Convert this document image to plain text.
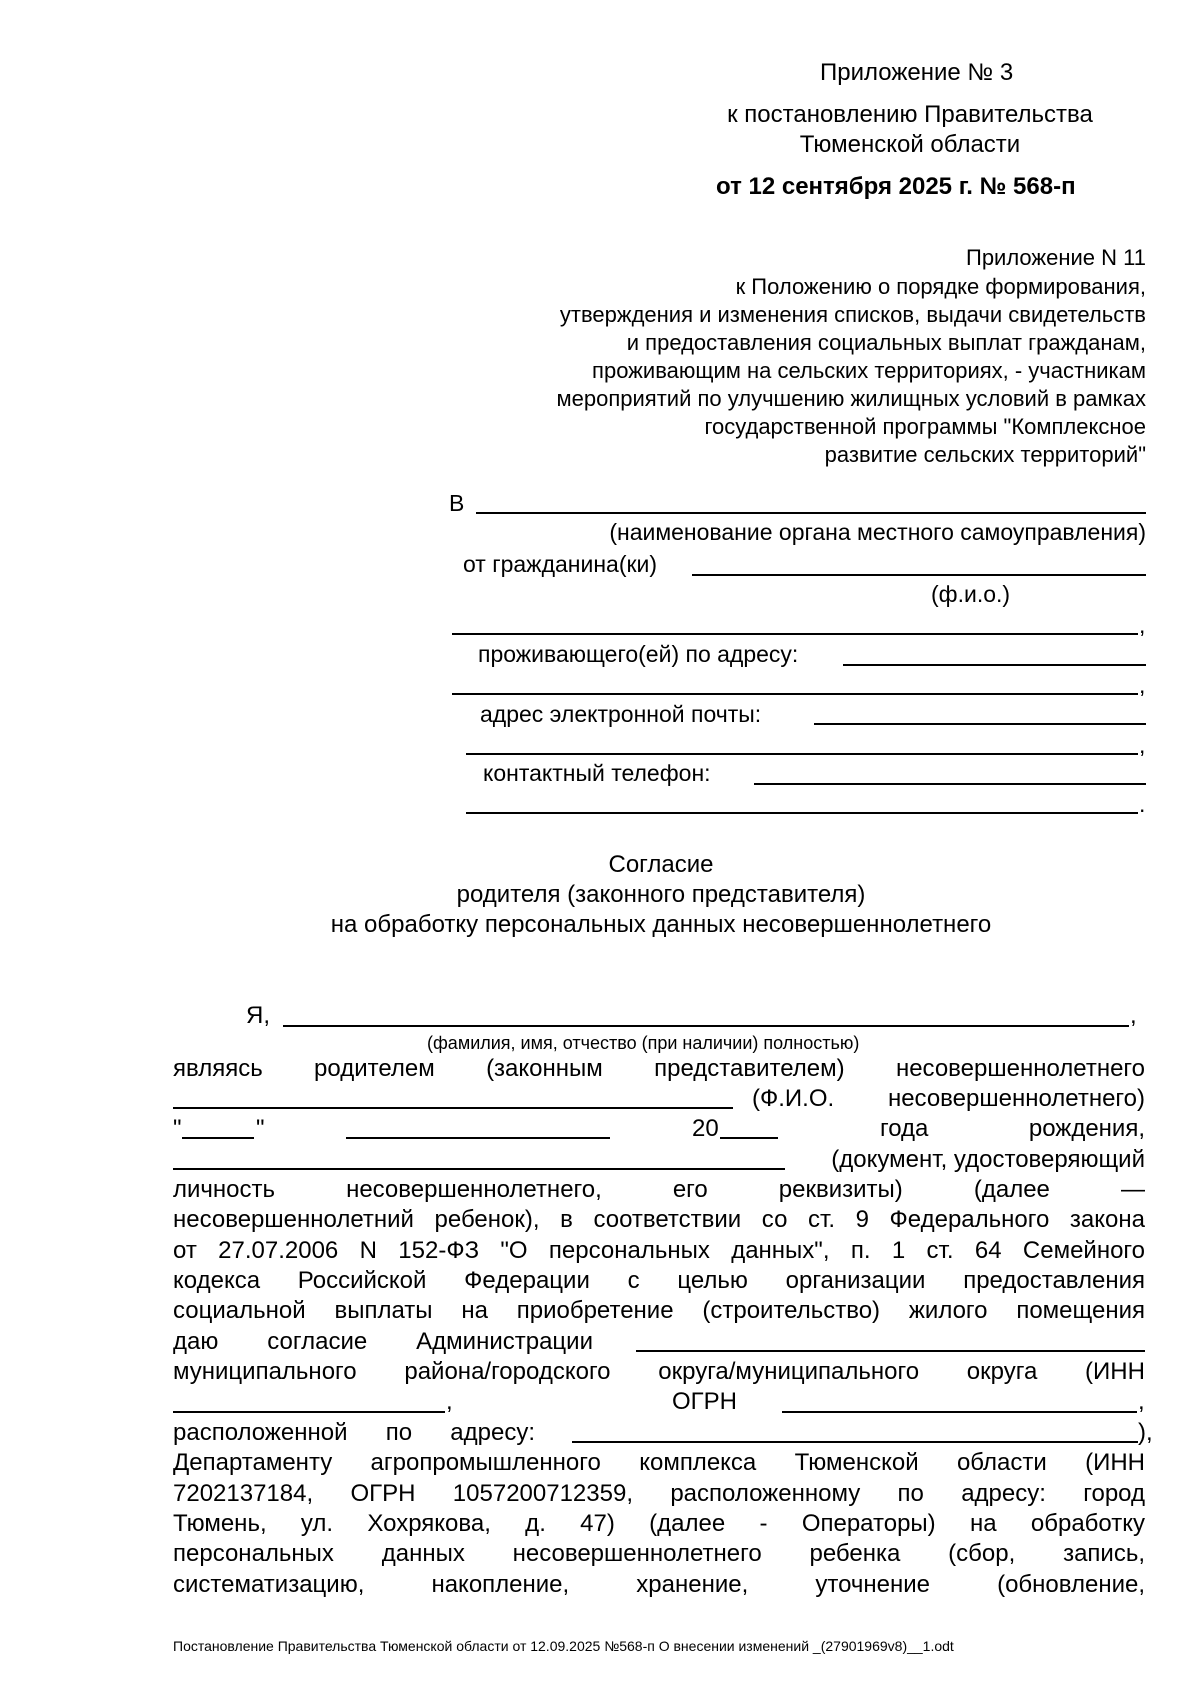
Приложение № 3
к постановлению Правительства
Тюменской области
от 12 сентября 2025 г. № 568-п
Приложение N 11
к Положению о порядке формирования,
утверждения и изменения списков, выдачи свидетельств
и предоставления социальных выплат гражданам,
проживающим на сельских территориях, - участникам
мероприятий по улучшению жилищных условий в рамках
государственной программы "Комплексное
развитие сельских территорий"
В
(наименование органа местного самоуправления)
от гражданина(ки)
(ф.и.о.)
,
проживающего(ей) по адресу:
,
адрес электронной почты:
,
контактный телефон:
.
Согласие
родителя (законного представителя)
на обработку персональных данных несовершеннолетнего
Я,	,
(фамилия, имя, отчество (при наличии) полностью)
являясь родителем (законным представителем) несовершеннолетнего
(Ф.И.О. несовершеннолетнего)
"	"	20	года	рождения,
(документ, удостоверяющий
личность	несовершеннолетнего,	его	реквизиты)	(далее	—
несовершеннолетний ребенок), в соответствии со ст. 9 Федерального закона
от 27.07.2006 N 152-ФЗ "О персональных данных", п. 1 ст. 64 Семейного
кодекса Российской Федерации с целью организации предоставления
социальной выплаты на приобретение (строительство) жилого помещения
даю согласие Администрации
муниципального района/городского округа/муниципального округа (ИНН
,	ОГРН	,
расположенной по адресу:	),
Департаменту агропромышленного комплекса Тюменской области (ИНН
7202137184, ОГРН 1057200712359, расположенному по адресу: город
Тюмень, ул. Хохрякова, д. 47) (далее - Операторы) на обработку
персональных данных несовершеннолетнего ребенка (сбор, запись,
систематизацию, накопление, хранение, уточнение (обновление,
Постановление Правительства Тюменской области от 12.09.2025 №568-п О внесении изменений _(27901969v8)__1.odt
